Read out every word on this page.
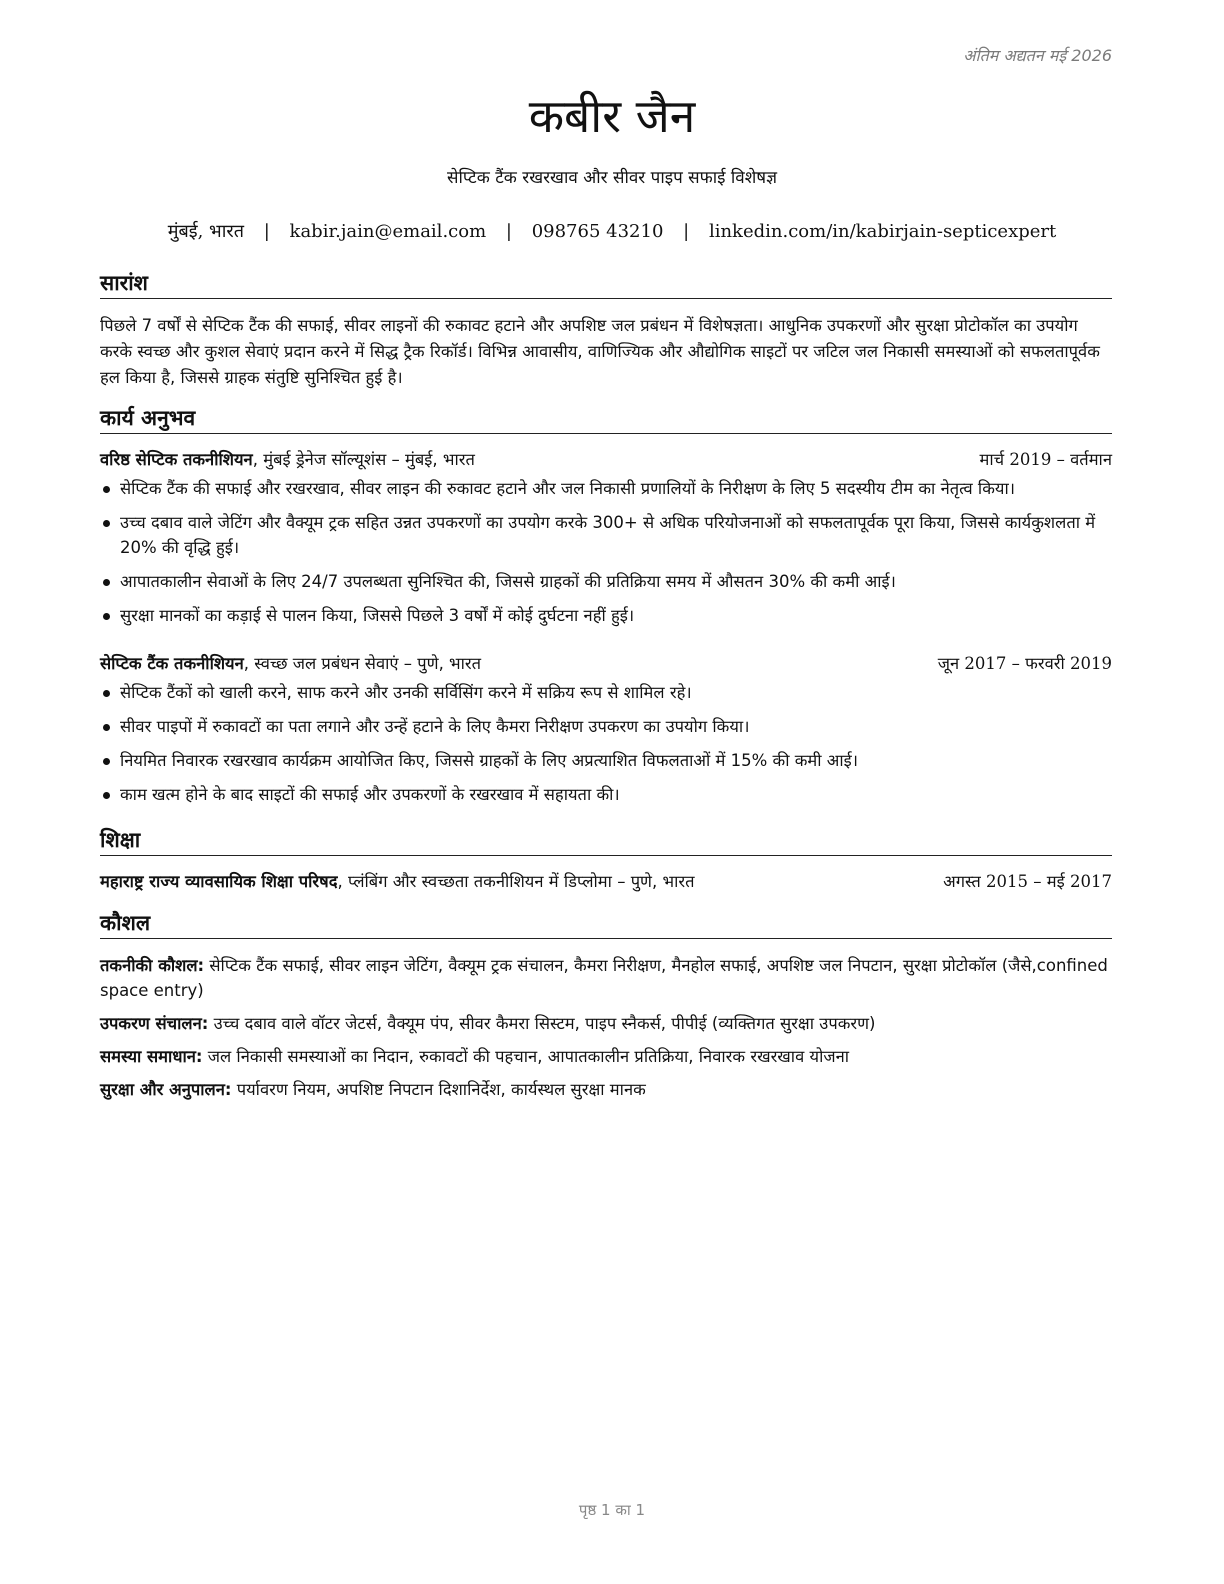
अंतिम अद्यतन मई 2026
कबीर जैन
सेप्टिक टैंक रखरखाव और सीवर पाइप सफाई विशेषज्ञ
मुंबई, भारत | kabir.jain@email.com | 098765 43210 | linkedin.com/in/kabirjain-septicexpert
सारांश
पिछले 7 वर्षों से सेप्टिक टैंक की सफाई, सीवर लाइनों की रुकावट हटाने और अपशिष्ट जल प्रबंधन में विशेषज्ञता। आधुनिक उपकरणों और सुरक्षा प्रोटोकॉल का उपयोग करके स्वच्छ और कुशल सेवाएं प्रदान करने में सिद्ध ट्रैक रिकॉर्ड। विभिन्न आवासीय, वाणिज्यिक और औद्योगिक साइटों पर जटिल जल निकासी समस्याओं को सफलतापूर्वक हल किया है, जिससे ग्राहक संतुष्टि सुनिश्चित हुई है।
कार्य अनुभव
वरिष्ठ सेप्टिक तकनीशियन, मुंबई ड्रेनेज सॉल्यूशंस – मुंबई, भारत	मार्च 2019 – वर्तमान
सेप्टिक टैंक की सफाई और रखरखाव, सीवर लाइन की रुकावट हटाने और जल निकासी प्रणालियों के निरीक्षण के लिए 5 सदस्यीय टीम का नेतृत्व किया।
उच्च दबाव वाले जेटिंग और वैक्यूम ट्रक सहित उन्नत उपकरणों का उपयोग करके 300+ से अधिक परियोजनाओं को सफलतापूर्वक पूरा किया, जिससे कार्यकुशलता में 20% की वृद्धि हुई।
आपातकालीन सेवाओं के लिए 24/7 उपलब्धता सुनिश्चित की, जिससे ग्राहकों की प्रतिक्रिया समय में औसतन 30% की कमी आई।
सुरक्षा मानकों का कड़ाई से पालन किया, जिससे पिछले 3 वर्षों में कोई दुर्घटना नहीं हुई।
सेप्टिक टैंक तकनीशियन, स्वच्छ जल प्रबंधन सेवाएं – पुणे, भारत	जून 2017 – फरवरी 2019
सेप्टिक टैंकों को खाली करने, साफ करने और उनकी सर्विसिंग करने में सक्रिय रूप से शामिल रहे।
सीवर पाइपों में रुकावटों का पता लगाने और उन्हें हटाने के लिए कैमरा निरीक्षण उपकरण का उपयोग किया।
नियमित निवारक रखरखाव कार्यक्रम आयोजित किए, जिससे ग्राहकों के लिए अप्रत्याशित विफलताओं में 15% की कमी आई।
काम खत्म होने के बाद साइटों की सफाई और उपकरणों के रखरखाव में सहायता की।
शिक्षा
महाराष्ट्र राज्य व्यावसायिक शिक्षा परिषद, प्लंबिंग और स्वच्छता तकनीशियन में डिप्लोमा – पुणे, भारत	अगस्त 2015 – मई 2017
कौशल
तकनीकी कौशल: सेप्टिक टैंक सफाई, सीवर लाइन जेटिंग, वैक्यूम ट्रक संचालन, कैमरा निरीक्षण, मैनहोल सफाई, अपशिष्ट जल निपटान, सुरक्षा प्रोटोकॉल (जैसे,confined space entry)
उपकरण संचालन: उच्च दबाव वाले वॉटर जेटर्स, वैक्यूम पंप, सीवर कैमरा सिस्टम, पाइप स्नैकर्स, पीपीई (व्यक्तिगत सुरक्षा उपकरण)
समस्या समाधान: जल निकासी समस्याओं का निदान, रुकावटों की पहचान, आपातकालीन प्रतिक्रिया, निवारक रखरखाव योजना
सुरक्षा और अनुपालन: पर्यावरण नियम, अपशिष्ट निपटान दिशानिर्देश, कार्यस्थल सुरक्षा मानक
पृष्ठ 1 का 1
